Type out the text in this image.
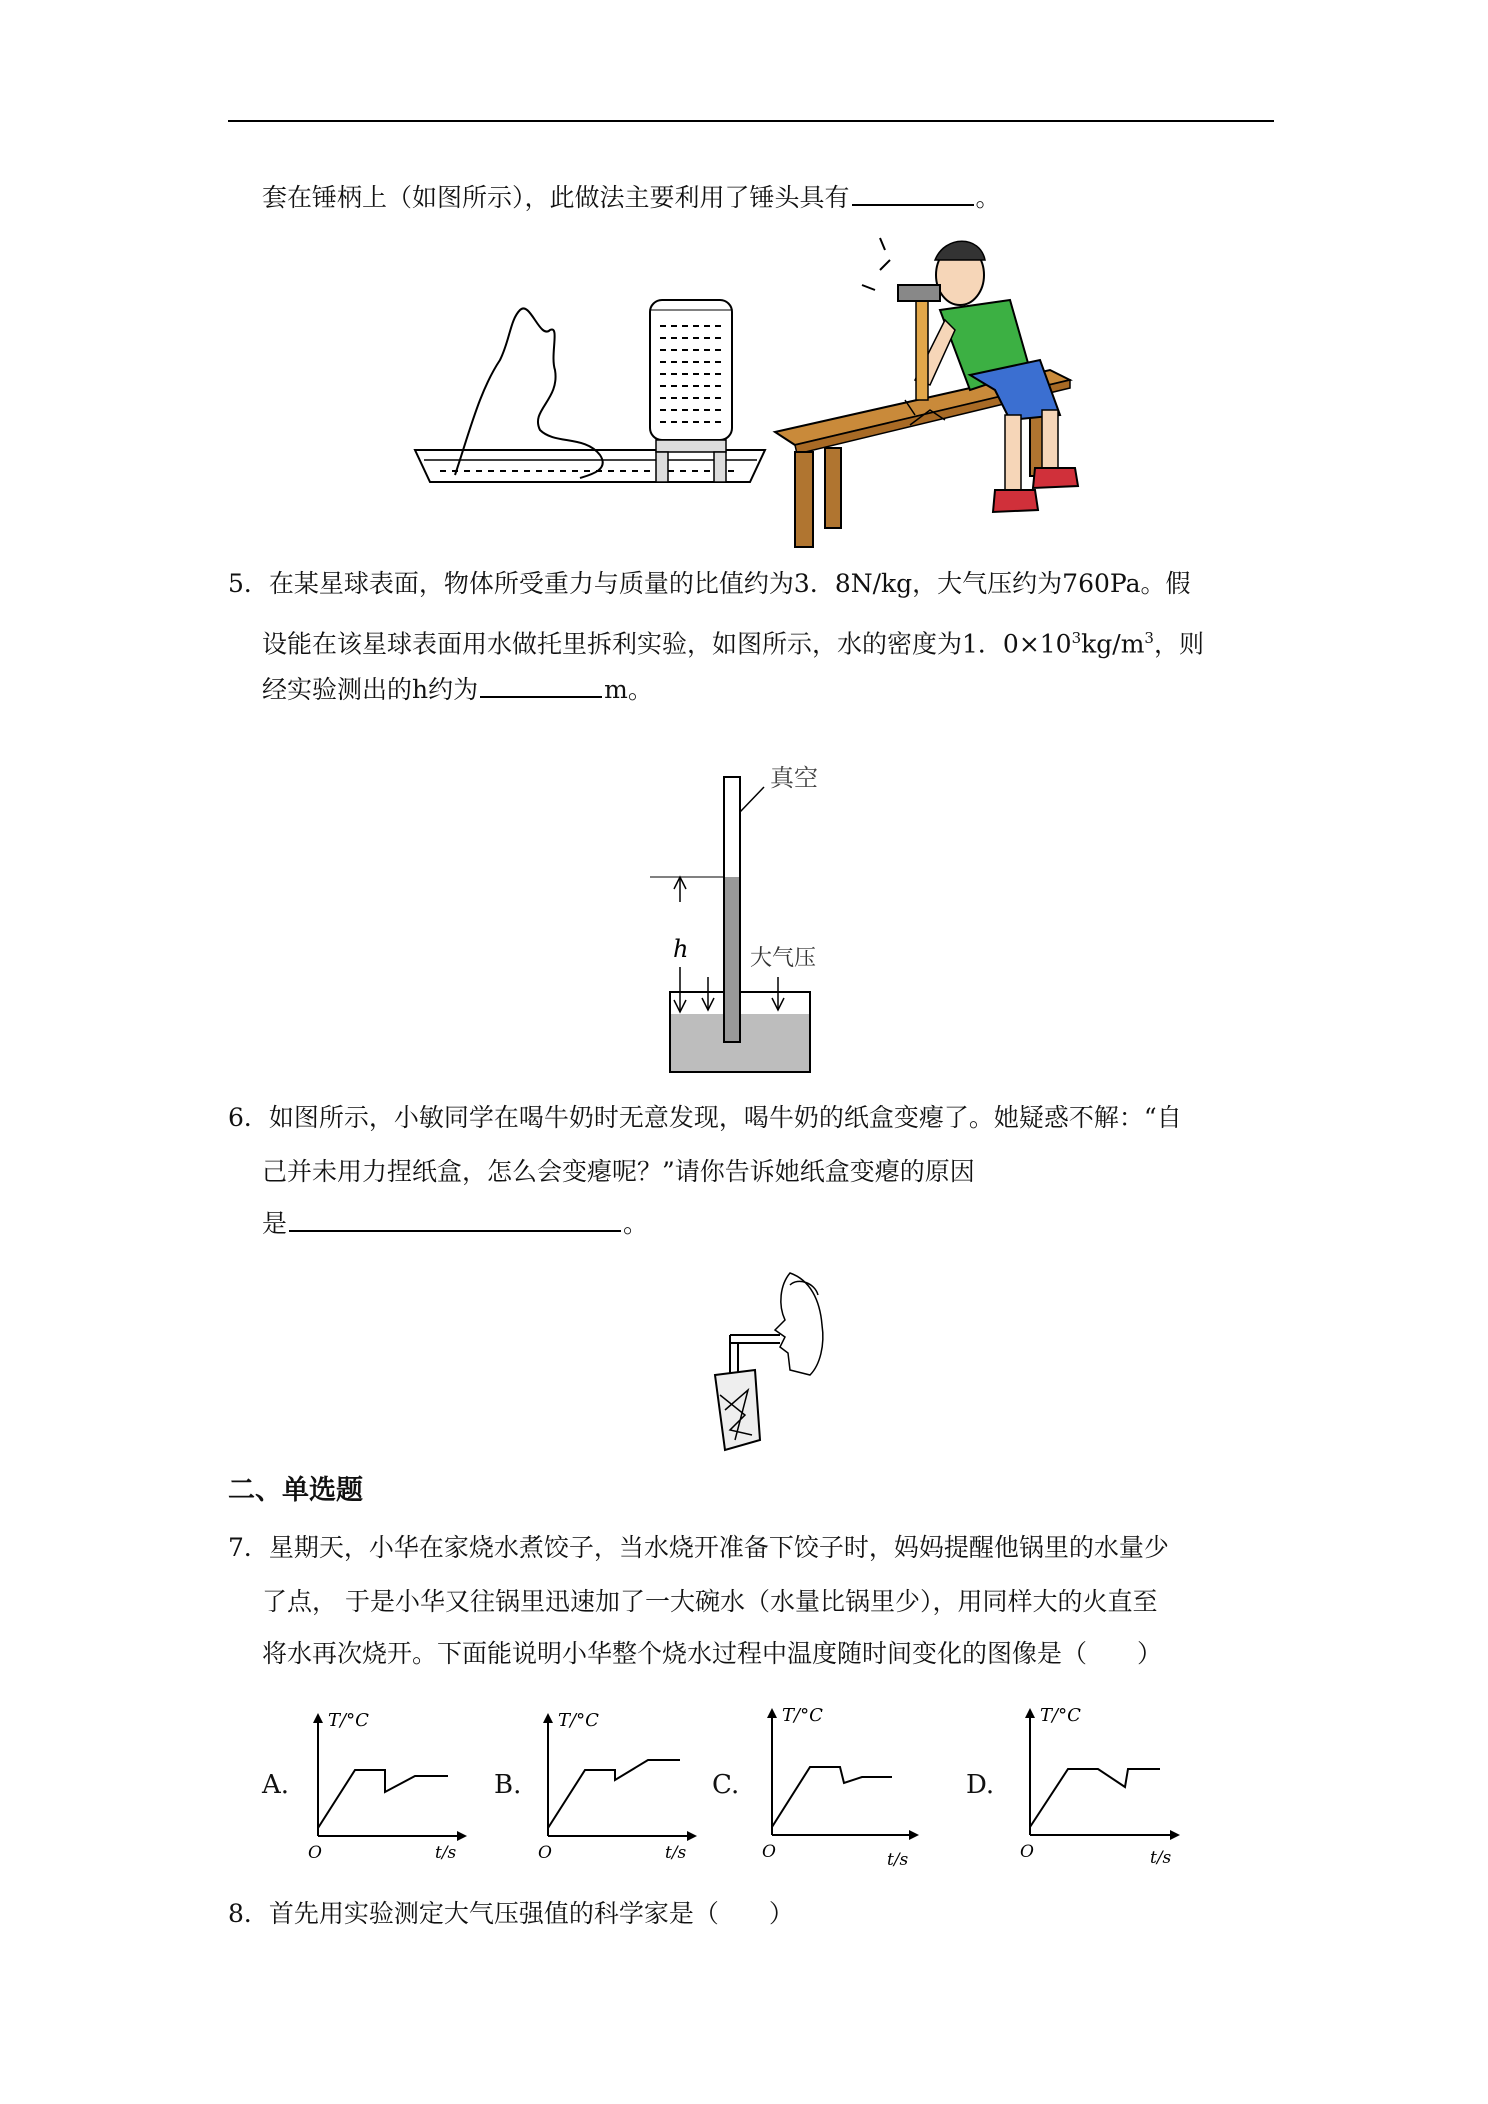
套在锤柄上（如图所示），此做法主要利用了锤头具有	。
5．在某星球表面，物体所受重力与质量的比值约为3．8N/kg，大气压约为760Pa。假
设能在该星球表面用水做托里拆利实验，如图所示，水的密度为1．$0\times 10^3kg/m^3$，则
经实验测出的h约为	m。
真空
h	大气压
6．如图所示，小敏同学在喝牛奶时无意发现，喝牛奶的纸盒变瘪了。她疑惑不解：“自
己并未用力捏纸盒，怎么会变瘪呢？”请你告诉她纸盒变瘪的原因
是	。
二、单选题
7．星期天，小华在家烧水煮饺子，当水烧开准备下饺子时，妈妈提醒他锅里的水量少
了点， 于是小华又往锅里迅速加了一大碗水（水量比锅里少），用同样大的火直至
将水再次烧开。下面能说明小华整个烧水过程中温度随时间变化的图像是（　　）
A.
T/°C
O	t/s
B.
T/°C
O	t/s
C.
T/°C
O	t/s
D.
T/°C
O	t/s
8．首先用实验测定大气压强值的科学家是（　　）
